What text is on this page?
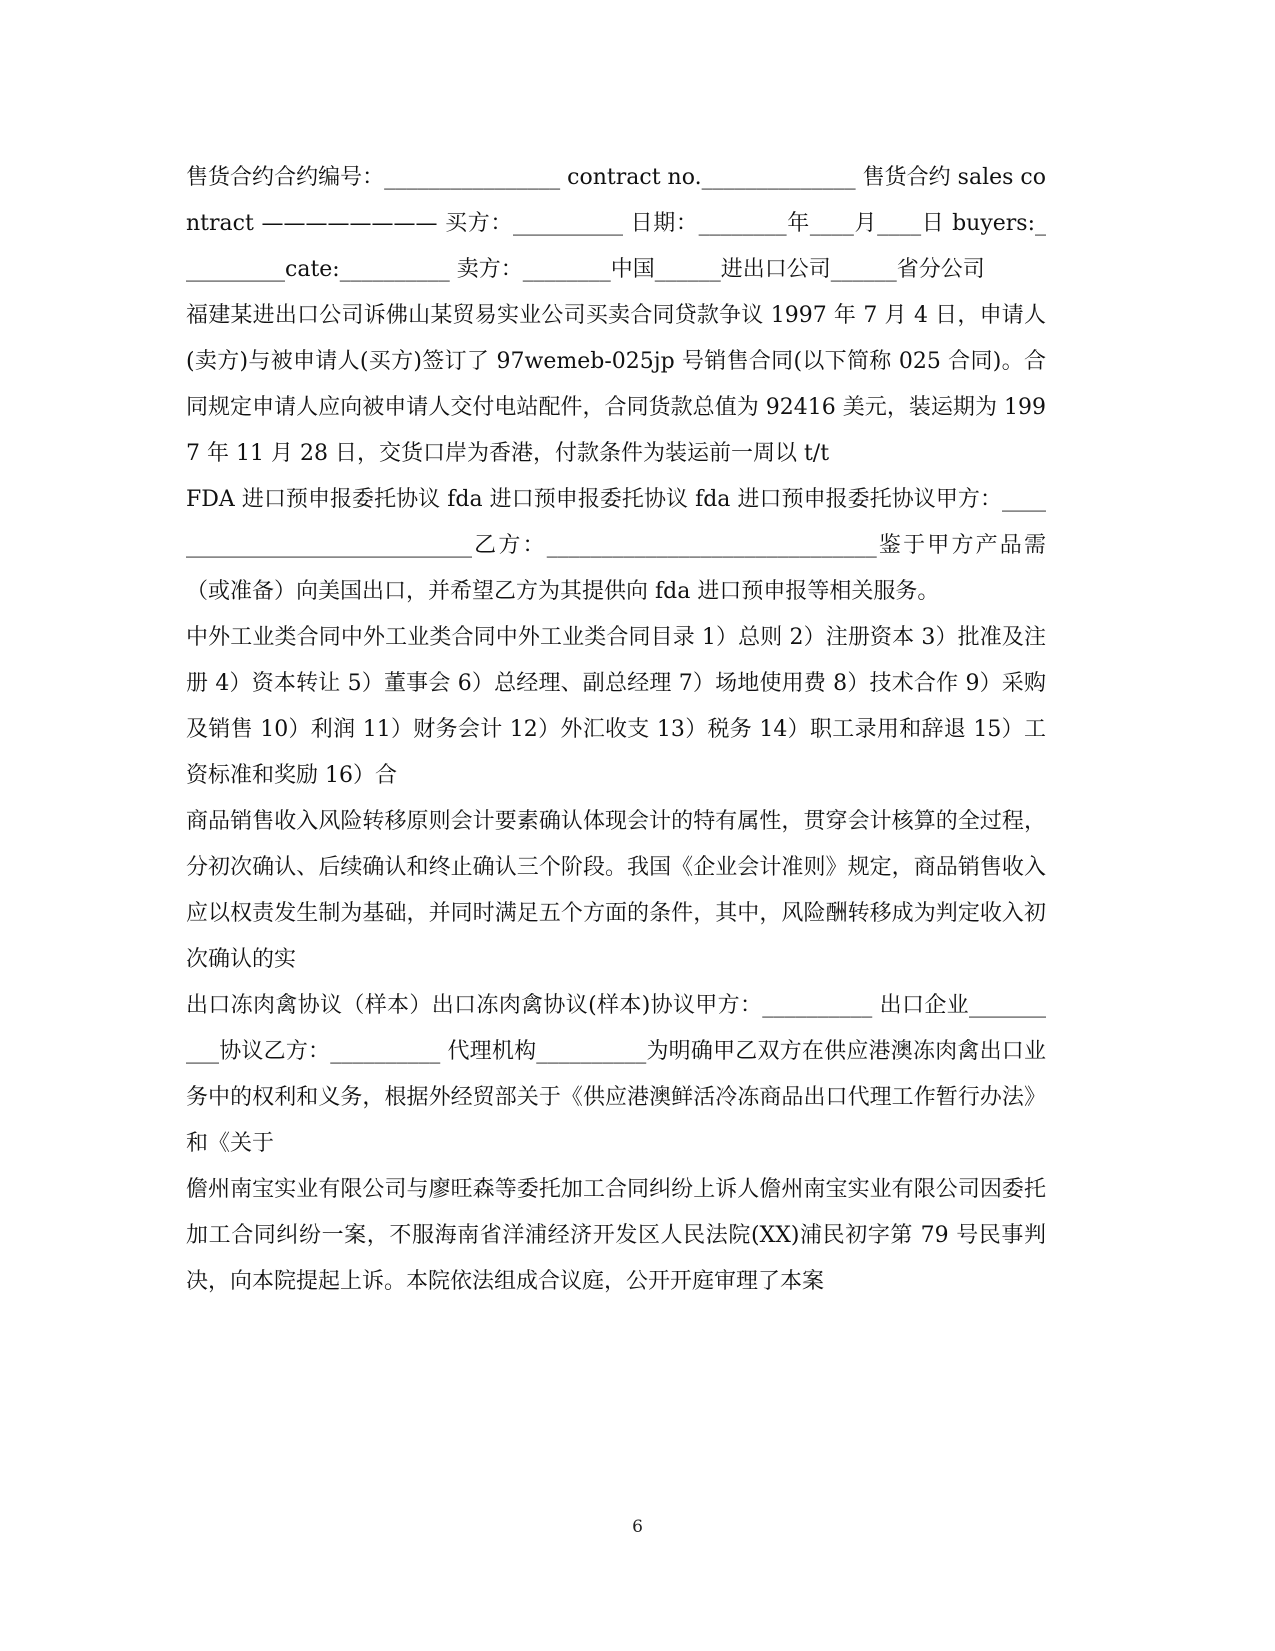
售货合约合约编号：________________ contract no.______________ 售货合约 sales contract ———————— 买方：__________ 日期：________年____月____日 buyers:__________cate:__________ 卖方：________中国______进出口公司______省分公司

福建某进出口公司诉佛山某贸易实业公司买卖合同贷款争议 1997 年 7 月 4 日，申请人(卖方)与被申请人(买方)签订了 97wemeb-025jp 号销售合同(以下简称 025 合同)。合同规定申请人应向被申请人交付电站配件，合同货款总值为 92416 美元，装运期为 1997 年 11 月 28 日，交货口岸为香港，付款条件为装运前一周以 t/t

FDA 进口预申报委托协议 fda 进口预申报委托协议 fda 进口预申报委托协议甲方：______________________________乙方：______________________________鉴于甲方产品需（或准备）向美国出口，并希望乙方为其提供向 fda 进口预申报等相关服务。

中外工业类合同中外工业类合同中外工业类合同目录 1）总则 2）注册资本 3）批准及注册 4）资本转让 5）董事会 6）总经理、副总经理 7）场地使用费 8）技术合作 9）采购及销售 10）利润 11）财务会计 12）外汇收支 13）税务 14）职工录用和辞退 15）工资标准和奖励 16）合

商品销售收入风险转移原则会计要素确认体现会计的特有属性，贯穿会计核算的全过程，分初次确认、后续确认和终止确认三个阶段。我国《企业会计准则》规定，商品销售收入应以权责发生制为基础，并同时满足五个方面的条件，其中，风险酬转移成为判定收入初次确认的实

出口冻肉禽协议（样本）出口冻肉禽协议(样本)协议甲方：__________ 出口企业__________协议乙方：__________ 代理机构__________为明确甲乙双方在供应港澳冻肉禽出口业务中的权利和义务，根据外经贸部关于《供应港澳鲜活冷冻商品出口代理工作暂行办法》和《关于

儋州南宝实业有限公司与廖旺森等委托加工合同纠纷上诉人儋州南宝实业有限公司因委托加工合同纠纷一案，不服海南省洋浦经济开发区人民法院(XX)浦民初字第 79 号民事判决，向本院提起上诉。本院依法组成合议庭，公开开庭审理了本案

6
